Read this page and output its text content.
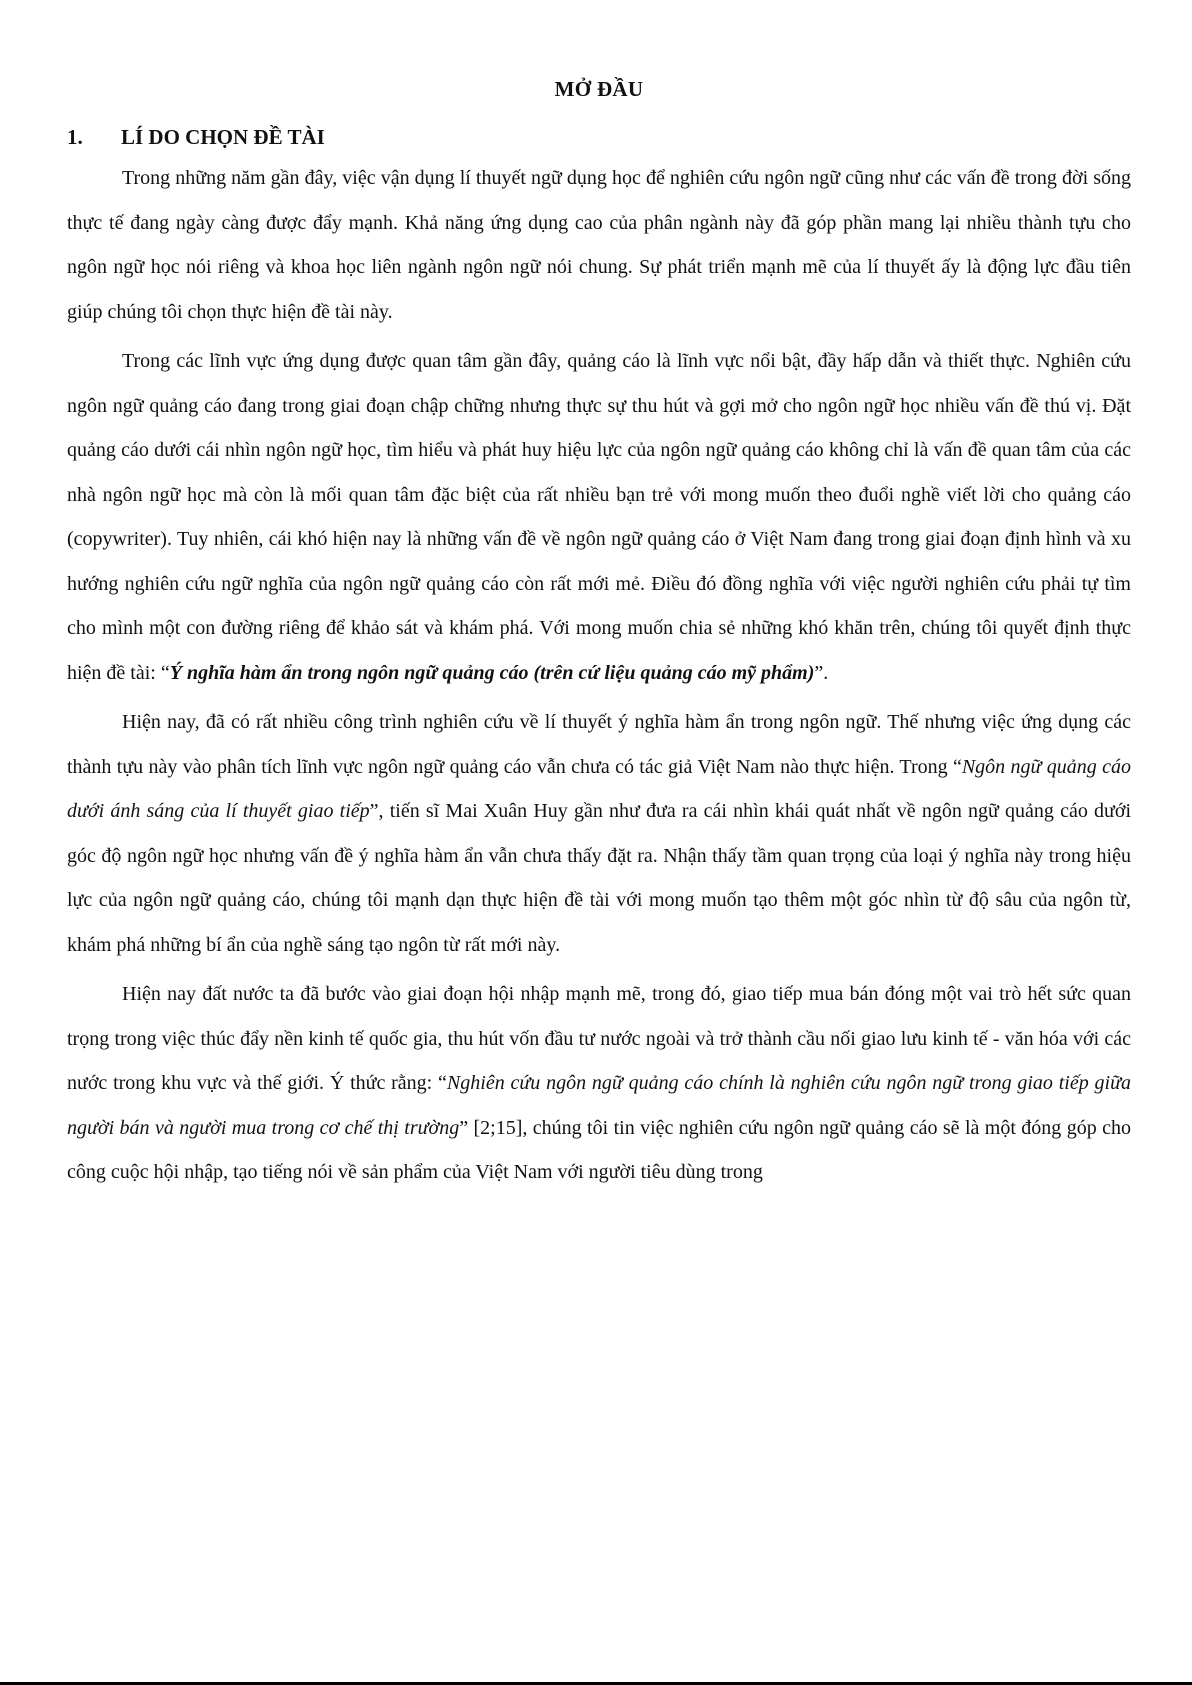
MỞ ĐẦU
1.	LÍ DO CHỌN ĐỀ TÀI

Trong những năm gần đây, việc vận dụng lí thuyết ngữ dụng học để nghiên cứu ngôn ngữ cũng như các vấn đề trong đời sống thực tế đang ngày càng được đẩy mạnh. Khả năng ứng dụng cao của phân ngành này đã góp phần mang lại nhiều thành tựu cho ngôn ngữ học nói riêng và khoa học liên ngành ngôn ngữ nói chung. Sự phát triển mạnh mẽ của lí thuyết ấy là động lực đầu tiên giúp chúng tôi chọn thực hiện đề tài này.

Trong các lĩnh vực ứng dụng được quan tâm gần đây, quảng cáo là lĩnh vực nổi bật, đầy hấp dẫn và thiết thực. Nghiên cứu ngôn ngữ quảng cáo đang trong giai đoạn chập chững nhưng thực sự thu hút và gợi mở cho ngôn ngữ học nhiều vấn đề thú vị. Đặt quảng cáo dưới cái nhìn ngôn ngữ học, tìm hiểu và phát huy hiệu lực của ngôn ngữ quảng cáo không chỉ là vấn đề quan tâm của các nhà ngôn ngữ học mà còn là mối quan tâm đặc biệt của rất nhiều bạn trẻ với mong muốn theo đuổi nghề viết lời cho quảng cáo (copywriter). Tuy nhiên, cái khó hiện nay là những vấn đề về ngôn ngữ quảng cáo ở Việt Nam đang trong giai đoạn định hình và xu hướng nghiên cứu ngữ nghĩa của ngôn ngữ quảng cáo còn rất mới mẻ. Điều đó đồng nghĩa với việc người nghiên cứu phải tự tìm cho mình một con đường riêng để khảo sát và khám phá. Với mong muốn chia sẻ những khó khăn trên, chúng tôi quyết định thực hiện đề tài: “Ý nghĩa hàm ẩn trong ngôn ngữ quảng cáo (trên cứ liệu quảng cáo mỹ phẩm)”.

Hiện nay, đã có rất nhiều công trình nghiên cứu về lí thuyết ý nghĩa hàm ẩn trong ngôn ngữ. Thế nhưng việc ứng dụng các thành tựu này vào phân tích lĩnh vực ngôn ngữ quảng cáo vẫn chưa có tác giả Việt Nam nào thực hiện. Trong “Ngôn ngữ quảng cáo dưới ánh sáng của lí thuyết giao tiếp”, tiến sĩ Mai Xuân Huy gần như đưa ra cái nhìn khái quát nhất về ngôn ngữ quảng cáo dưới góc độ ngôn ngữ học nhưng vấn đề ý nghĩa hàm ẩn vẫn chưa thấy đặt ra. Nhận thấy tầm quan trọng của loại ý nghĩa này trong hiệu lực của ngôn ngữ quảng cáo, chúng tôi mạnh dạn thực hiện đề tài với mong muốn tạo thêm một góc nhìn từ độ sâu của ngôn từ, khám phá những bí ẩn của nghề sáng tạo ngôn từ rất mới này.

Hiện nay đất nước ta đã bước vào giai đoạn hội nhập mạnh mẽ, trong đó, giao tiếp mua bán đóng một vai trò hết sức quan trọng trong việc thúc đẩy nền kinh tế quốc gia, thu hút vốn đầu tư nước ngoài và trở thành cầu nối giao lưu kinh tế - văn hóa với các nước trong khu vực và thế giới. Ý thức rằng: “Nghiên cứu ngôn ngữ quảng cáo chính là nghiên cứu ngôn ngữ trong giao tiếp giữa người bán và người mua trong cơ chế thị trường” [2;15], chúng tôi tin việc nghiên cứu ngôn ngữ quảng cáo sẽ là một đóng góp cho công cuộc hội nhập, tạo tiếng nói về sản phẩm của Việt Nam với người tiêu dùng trong
